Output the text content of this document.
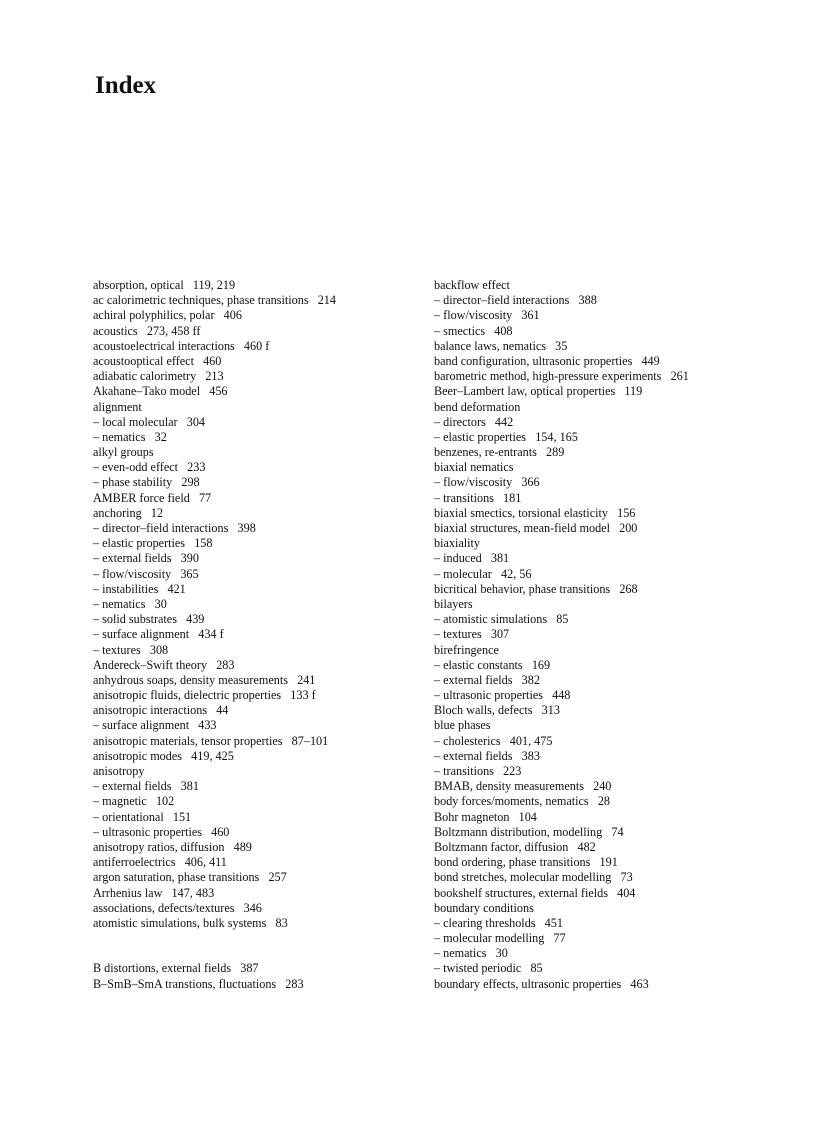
Index
absorption, optical   119, 219
ac calorimetric techniques, phase transitions   214
achiral polyphilics, polar   406
acoustics   273, 458 ff
acoustoelectrical interactions   460 f
acoustooptical effect   460
adiabatic calorimetry   213
Akahane–Tako model   456
alignment
– local molecular   304
– nematics   32
alkyl groups
– even-odd effect   233
– phase stability   298
AMBER force field   77
anchoring   12
– director–field interactions   398
– elastic properties   158
– external fields   390
– flow/viscosity   365
– instabilities   421
– nematics   30
– solid substrates   439
– surface alignment   434 f
– textures   308
Andereck–Swift theory   283
anhydrous soaps, density measurements   241
anisotropic fluids, dielectric properties   133 f
anisotropic interactions   44
– surface alignment   433
anisotropic materials, tensor properties   87–101
anisotropic modes   419, 425
anisotropy
– external fields   381
– magnetic   102
– orientational   151
– ultrasonic properties   460
anisotropy ratios, diffusion   489
antiferroelectrics   406, 411
argon saturation, phase transitions   257
Arrhenius law   147, 483
associations, defects/textures   346
atomistic simulations, bulk systems   83
B distortions, external fields   387
B–SmB–SmA transtions, fluctuations   283
backflow effect
– director–field interactions   388
– flow/viscosity   361
– smectics   408
balance laws, nematics   35
band configuration, ultrasonic properties   449
barometric method, high-pressure experiments   261
Beer–Lambert law, optical properties   119
bend deformation
– directors   442
– elastic properties   154, 165
benzenes, re-entrants   289
biaxial nematics
– flow/viscosity   366
– transitions   181
biaxial smectics, torsional elasticity   156
biaxial structures, mean-field model   200
biaxiality
– induced   381
– molecular   42, 56
bicritical behavior, phase transitions   268
bilayers
– atomistic simulations   85
– textures   307
birefringence
– elastic constants   169
– external fields   382
– ultrasonic properties   448
Bloch walls, defects   313
blue phases
– cholesterics   401, 475
– external fields   383
– transitions   223
BMAB, density measurements   240
body forces/moments, nematics   28
Bohr magneton   104
Boltzmann distribution, modelling   74
Boltzmann factor, diffusion   482
bond ordering, phase transitions   191
bond stretches, molecular modelling   73
bookshelf structures, external fields   404
boundary conditions
– clearing thresholds   451
– molecular modelling   77
– nematics   30
– twisted periodic   85
boundary effects, ultrasonic properties   463
